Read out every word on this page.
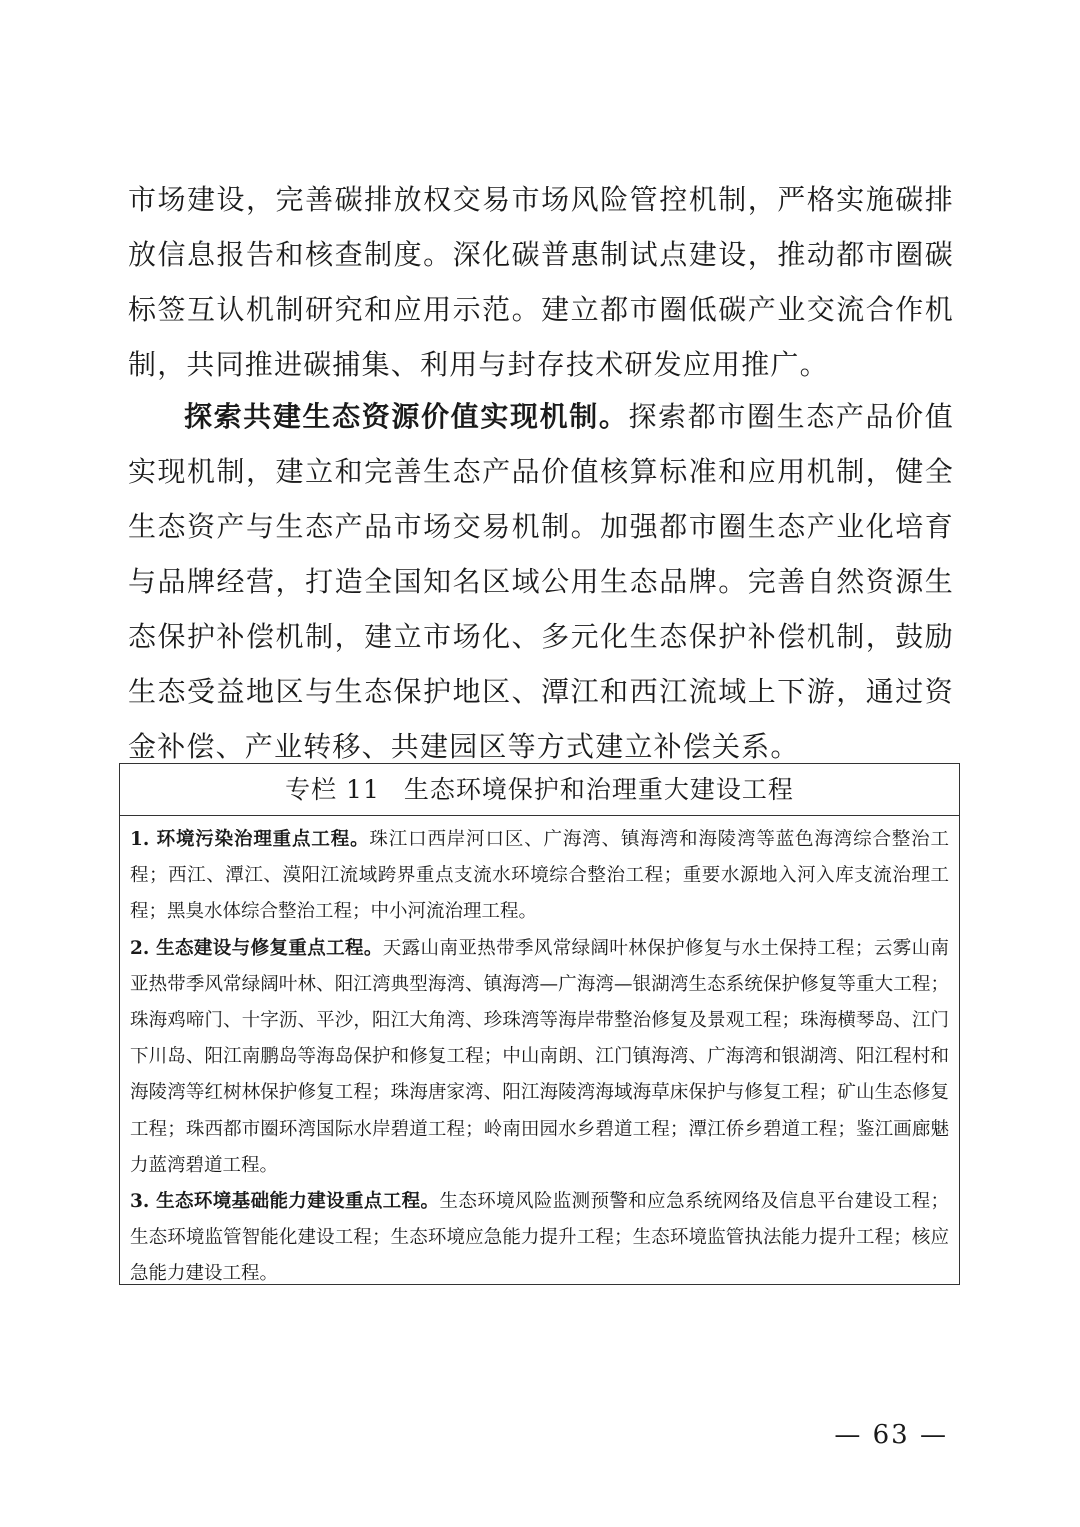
市场建设，完善碳排放权交易市场风险管控机制，严格实施碳排放信息报告和核查制度。深化碳普惠制试点建设，推动都市圈碳标签互认机制研究和应用示范。建立都市圈低碳产业交流合作机制，共同推进碳捕集、利用与封存技术研发应用推广。
探索共建生态资源价值实现机制。探索都市圈生态产品价值实现机制，建立和完善生态产品价值核算标准和应用机制，健全生态资产与生态产品市场交易机制。加强都市圈生态产业化培育与品牌经营，打造全国知名区域公用生态品牌。完善自然资源生态保护补偿机制，建立市场化、多元化生态保护补偿机制，鼓励生态受益地区与生态保护地区、潭江和西江流域上下游，通过资金补偿、产业转移、共建园区等方式建立补偿关系。
专栏 11 生态环境保护和治理重大建设工程

1. 环境污染治理重点工程。珠江口西岸河口区、广海湾、镇海湾和海陵湾等蓝色海湾综合整治工程；西江、潭江、漠阳江流域跨界重点支流水环境综合整治工程；重要水源地入河入库支流治理工程；黑臭水体综合整治工程；中小河流治理工程。

2. 生态建设与修复重点工程。天露山南亚热带季风常绿阔叶林保护修复与水土保持工程；云雾山南亚热带季风常绿阔叶林、阳江湾典型海湾、镇海湾—广海湾—银湖湾生态系统保护修复等重大工程；珠海鸡啼门、十字沥、平沙，阳江大角湾、珍珠湾等海岸带整治修复及景观工程；珠海横琴岛、江门下川岛、阳江南鹏岛等海岛保护和修复工程；中山南朗、江门镇海湾、广海湾和银湖湾、阳江程村和海陵湾等红树林保护修复工程；珠海唐家湾、阳江海陵湾海域海草床保护与修复工程；矿山生态修复工程；珠西都市圈环湾国际水岸碧道工程；岭南田园水乡碧道工程；潭江侨乡碧道工程；鉴江画廊魅力蓝湾碧道工程。

3. 生态环境基础能力建设重点工程。生态环境风险监测预警和应急系统网络及信息平台建设工程；生态环境监管智能化建设工程；生态环境应急能力提升工程；生态环境监管执法能力提升工程；核应急能力建设工程。

— 63 —
